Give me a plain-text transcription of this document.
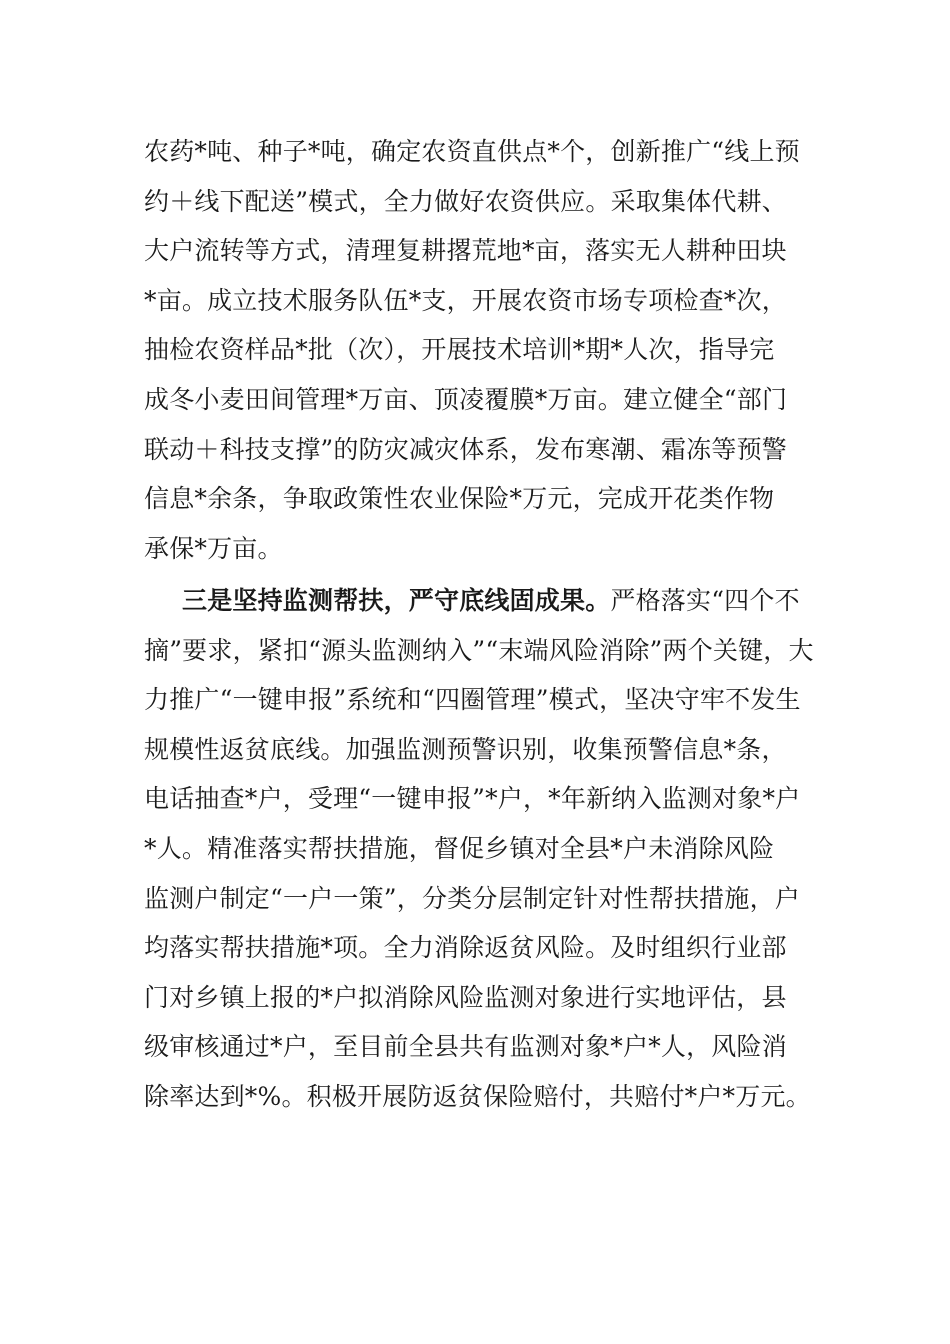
农药*吨、种子*吨，确定农资直供点*个，创新推广“线上预
约＋线下配送”模式，全力做好农资供应。采取集体代耕、
大户流转等方式，清理复耕撂荒地*亩，落实无人耕种田块
*亩。成立技术服务队伍*支，开展农资市场专项检查*次，
抽检农资样品*批（次），开展技术培训*期*人次，指导完
成冬小麦田间管理*万亩、顶凌覆膜*万亩。建立健全“部门
联动＋科技支撑”的防灾减灾体系，发布寒潮、霜冻等预警
信息*余条，争取政策性农业保险*万元，完成开花类作物
承保*万亩。
三是坚持监测帮扶，严守底线固成果。严格落实“四个不
摘”要求，紧扣“源头监测纳入”“末端风险消除”两个关键，大
力推广“一键申报”系统和“四圈管理”模式，坚决守牢不发生
规模性返贫底线。加强监测预警识别，收集预警信息*条，
电话抽查*户，受理“一键申报”*户，*年新纳入监测对象*户
*人。精准落实帮扶措施，督促乡镇对全县*户未消除风险
监测户制定“一户一策”，分类分层制定针对性帮扶措施，户
均落实帮扶措施*项。全力消除返贫风险。及时组织行业部
门对乡镇上报的*户拟消除风险监测对象进行实地评估，县
级审核通过*户，至目前全县共有监测对象*户*人，风险消
除率达到*%。积极开展防返贫保险赔付，共赔付*户*万元。
